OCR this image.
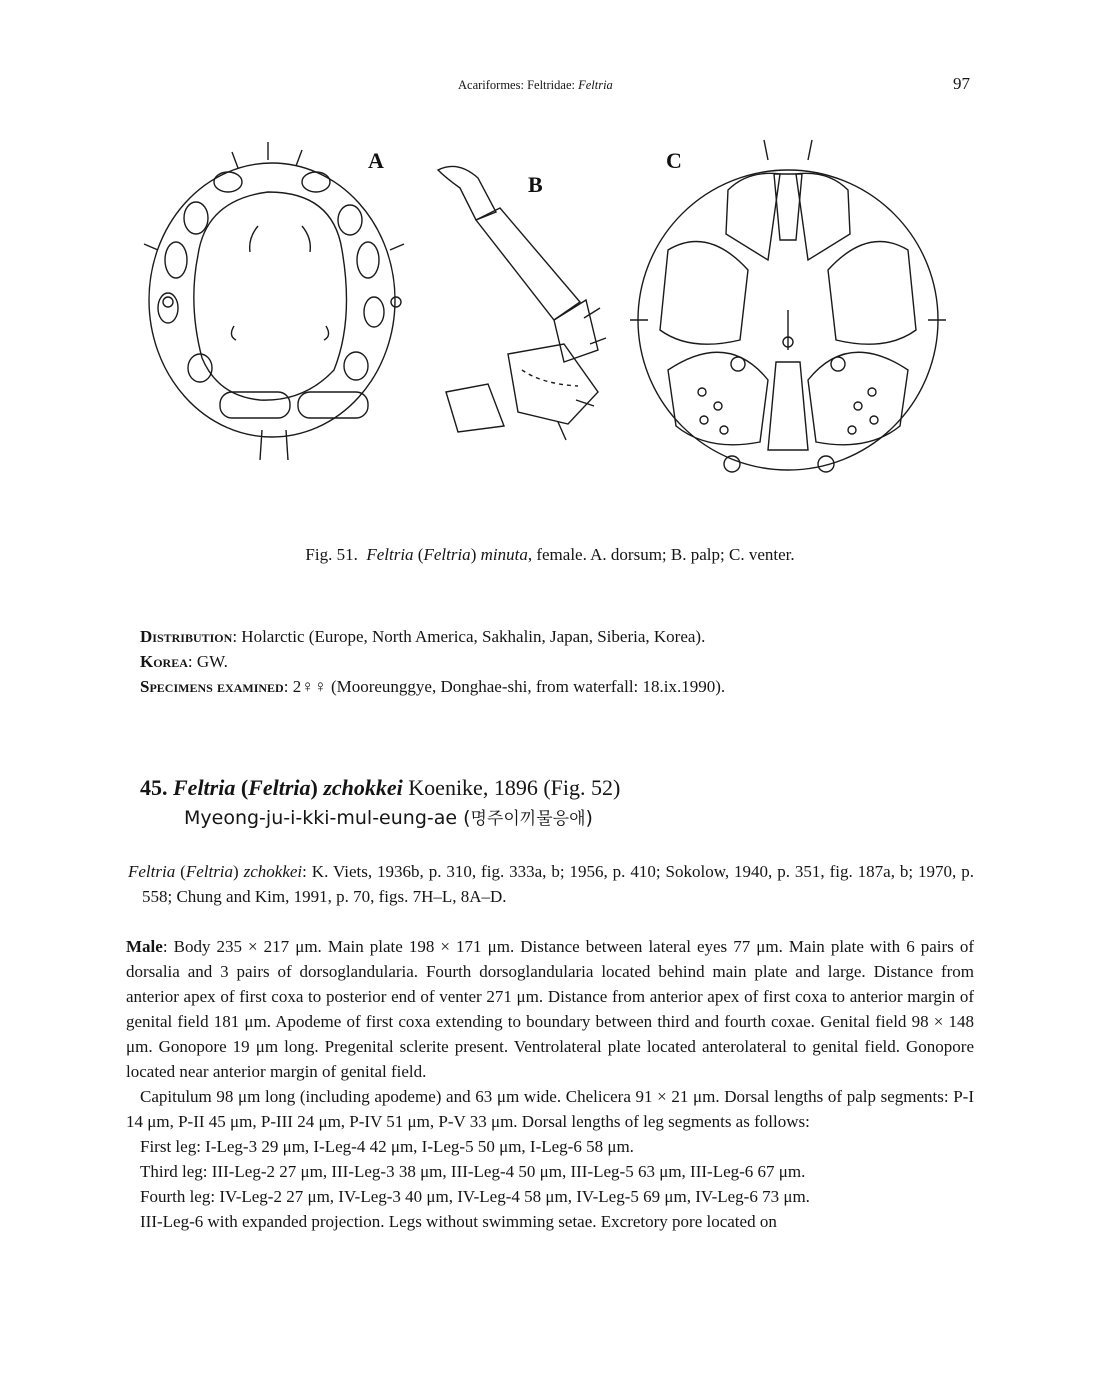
Acariformes: Feltridae: Feltria	97
A
B
C
Fig. 51. Feltria (Feltria) minuta, female. A. dorsum; B. palp; C. venter.

Distribution: Holarctic (Europe, North America, Sakhalin, Japan, Siberia, Korea).

Korea: GW.

Specimens examined: 2♀♀ (Mooreunggye, Donghae-shi, from waterfall: 18.ix.1990).

45. Feltria (Feltria) zchokkei Koenike, 1896 (Fig. 52)

Myeong-ju-i-kki-mul-eung-ae (명주이끼물응애)

Feltria (Feltria) zchokkei: K. Viets, 1936b, p. 310, fig. 333a, b; 1956, p. 410; Sokolow, 1940, p. 351, fig. 187a, b; 1970, p. 558; Chung and Kim, 1991, p. 70, figs. 7H–L, 8A–D.

Male: Body 235 × 217 μm. Main plate 198 × 171 μm. Distance between lateral eyes 77 μm. Main plate with 6 pairs of dorsalia and 3 pairs of dorsoglandularia. Fourth dorsoglandularia located behind main plate and large. Distance from anterior apex of first coxa to posterior end of venter 271 μm. Distance from anterior apex of first coxa to anterior margin of genital field 181 μm. Apodeme of first coxa extending to boundary between third and fourth coxae. Genital field 98 × 148 μm. Gonopore 19 μm long. Pregenital sclerite present. Ventrolateral plate located anterolateral to genital field. Gonopore located near anterior margin of genital field.

Capitulum 98 μm long (including apodeme) and 63 μm wide. Chelicera 91 × 21 μm. Dorsal lengths of palp segments: P-I 14 μm, P-II 45 μm, P-III 24 μm, P-IV 51 μm, P-V 33 μm. Dorsal lengths of leg segments as follows:

First leg: I-Leg-3 29 μm, I-Leg-4 42 μm, I-Leg-5 50 μm, I-Leg-6 58 μm.

Third leg: III-Leg-2 27 μm, III-Leg-3 38 μm, III-Leg-4 50 μm, III-Leg-5 63 μm, III-Leg-6 67 μm.

Fourth leg: IV-Leg-2 27 μm, IV-Leg-3 40 μm, IV-Leg-4 58 μm, IV-Leg-5 69 μm, IV-Leg-6 73 μm.

III-Leg-6 with expanded projection. Legs without swimming setae. Excretory pore located on
